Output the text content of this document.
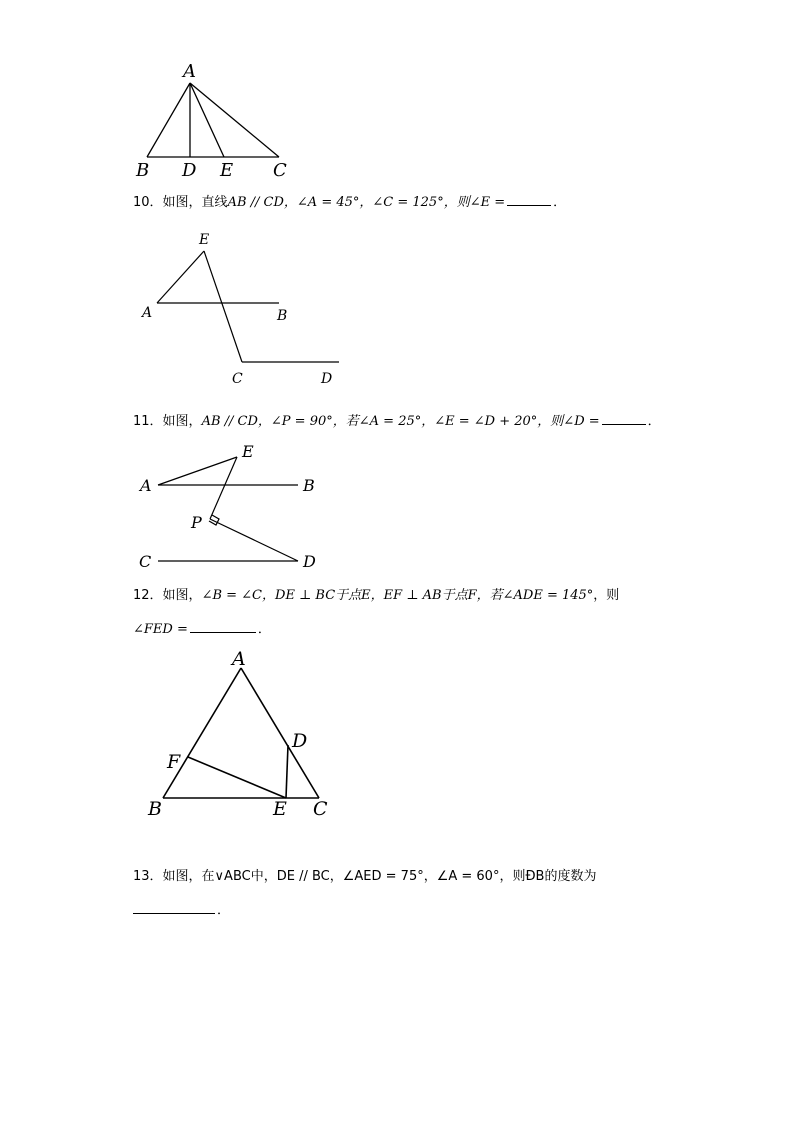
A
B D E C
E
A	B
C	D
E
A	B
P
C	D
A
D
F
B	E C
10．如图，直线AB // CD，∠A = 45°，∠C = 125°，则∠E =	．
11．如图，AB // CD，∠P = 90°，若∠A = 25°，∠E = ∠D + 20°，则∠D =	．
12．如图，∠B = ∠C，DE ⊥ BC于点E，EF ⊥ AB于点F，若∠ADE = 145°，则
∠FED =	．
13．如图，在∨ABC中，DE // BC，∠AED = 75°，∠A = 60°，则ÐB的度数为
．
